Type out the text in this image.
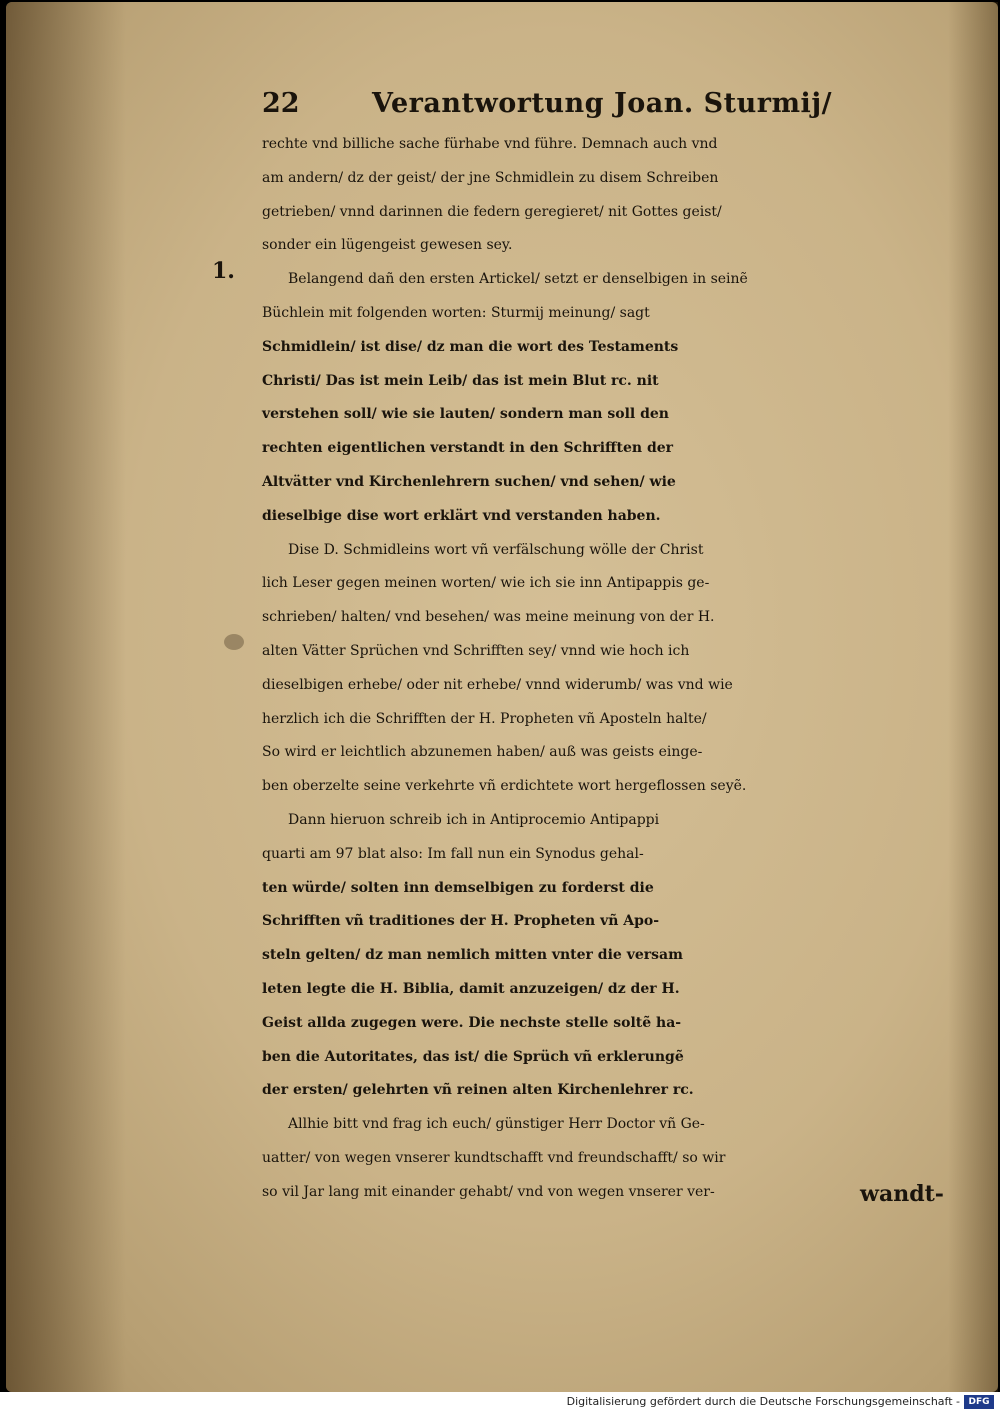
1.
22	Verantwortung Joan. Sturmij/
rechte vnd billiche sache fürhabe vnd führe. Demnach auch vnd
am andern/ dz der geist/ der jne Schmidlein zu disem Schreiben
getrieben/ vnnd darinnen die federn geregieret/ nit Gottes geist/
sonder ein lügengeist gewesen sey.
Belangend dañ den ersten Artickel/ setzt er denselbigen in seinẽ
Büchlein mit folgenden worten: Sturmij meinung/ sagt
Schmidlein/ ist dise/ dz man die wort des Testaments
Christi/ Das ist mein Leib/ das ist mein Blut rc. nit
verstehen soll/ wie sie lauten/ sondern man soll den
rechten eigentlichen verstandt in den Schrifften der
Altvätter vnd Kirchenlehrern suchen/ vnd sehen/ wie
dieselbige dise wort erklärt vnd verstanden haben.
Dise D. Schmidleins wort vñ verfälschung wölle der Christ
lich Leser gegen meinen worten/ wie ich sie inn Antipappis ge-
schrieben/ halten/ vnd besehen/ was meine meinung von der H.
alten Vätter Sprüchen vnd Schrifften sey/ vnnd wie hoch ich
dieselbigen erhebe/ oder nit erhebe/ vnnd widerumb/ was vnd wie
herzlich ich die Schrifften der H. Propheten vñ Aposteln halte/
So wird er leichtlich abzunemen haben/ auß was geists einge-
ben oberzelte seine verkehrte vñ erdichtete wort hergeflossen seyẽ.
Dann hieruon schreib ich in Antiprocemio Antipappi
quarti am 97 blat also: Im fall nun ein Synodus gehal-
ten würde/ solten inn demselbigen zu forderst die
Schrifften vñ traditiones der H. Propheten vñ Apo-
steln gelten/ dz man nemlich mitten vnter die versam
leten legte die H. Biblia, damit anzuzeigen/ dz der H.
Geist allda zugegen were. Die nechste stelle soltẽ ha-
ben die Autoritates, das ist/ die Sprüch vñ erklerungẽ
der ersten/ gelehrten vñ reinen alten Kirchenlehrer rc.
Allhie bitt vnd frag ich euch/ günstiger Herr Doctor vñ Ge-
uatter/ von wegen vnserer kundtschafft vnd freundschafft/ so wir
so vil Jar lang mit einander gehabt/ vnd von wegen vnserer ver-	wandt-
Digitalisierung gefördert durch die Deutsche Forschungsgemeinschaft - DFG
